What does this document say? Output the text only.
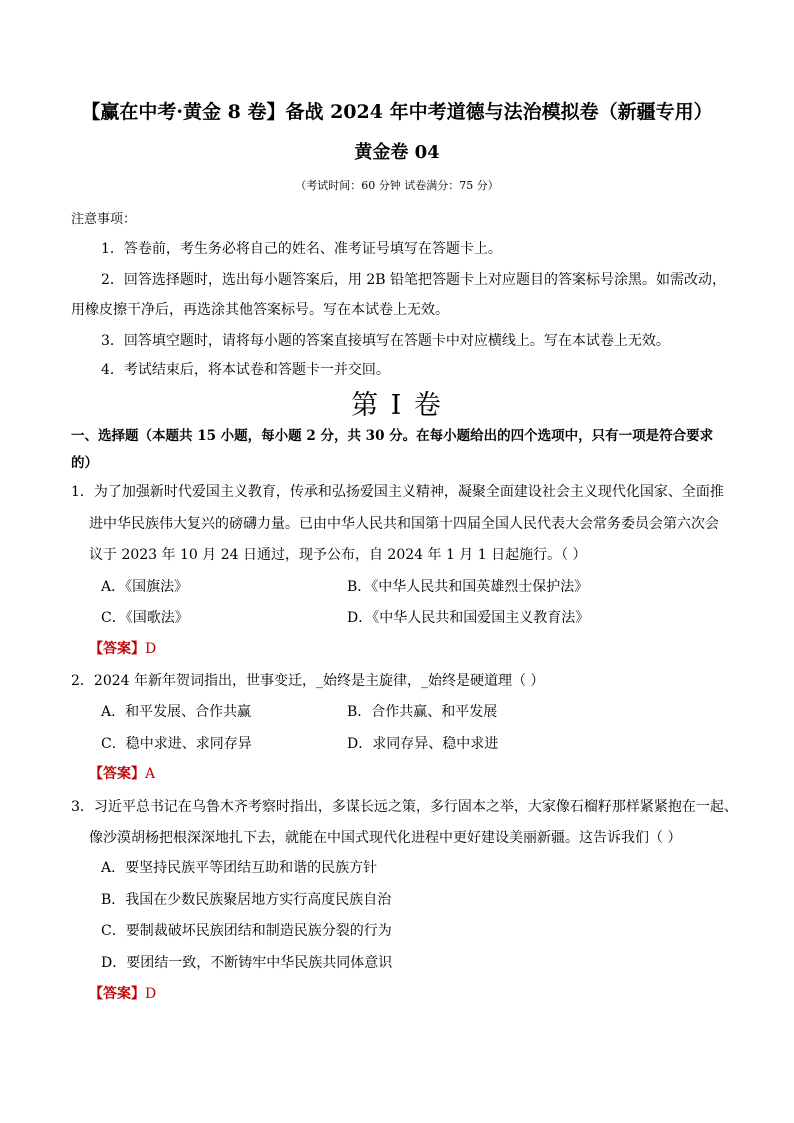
【赢在中考·黄金 8 卷】备战 2024 年中考道德与法治模拟卷（新疆专用）
黄金卷 04
（考试时间：60 分钟 试卷满分：75 分）
注意事项：
1．答卷前，考生务必将自己的姓名、准考证号填写在答题卡上。
2．回答选择题时，选出每小题答案后，用 2B 铅笔把答题卡上对应题目的答案标号涂黑。如需改动，
用橡皮擦干净后，再选涂其他答案标号。写在本试卷上无效。
3．回答填空题时，请将每小题的答案直接填写在答题卡中对应横线上。写在本试卷上无效。
4．考试结束后，将本试卷和答题卡一并交回。
第 I 卷
一、选择题（本题共 15 小题，每小题 2 分，共 30 分。在每小题给出的四个选项中，只有一项是符合要求
的）
1．为了加强新时代爱国主义教育，传承和弘扬爱国主义精神，凝聚全面建设社会主义现代化国家、全面推
进中华民族伟大复兴的磅礴力量。已由中华人民共和国第十四届全国人民代表大会常务委员会第六次会
议于 2023 年 10 月 24 日通过，现予公布，自 2024 年 1 月 1 日起施行。（ ）
A．《国旗法》	B．《中华人民共和国英雄烈士保护法》
C．《国歌法》	D．《中华人民共和国爱国主义教育法》
【答案】D
2．2024 年新年贺词指出，世事变迁，_始终是主旋律，_始终是硬道理（ ）
A．和平发展、合作共赢	B．合作共赢、和平发展
C．稳中求进、求同存异	D．求同存异、稳中求进
【答案】A
3．习近平总书记在乌鲁木齐考察时指出，多谋长远之策，多行固本之举，大家像石榴籽那样紧紧抱在一起、
像沙漠胡杨把根深深地扎下去，就能在中国式现代化进程中更好建设美丽新疆。这告诉我们（ ）
A．要坚持民族平等团结互助和谐的民族方针
B．我国在少数民族聚居地方实行高度民族自治
C．要制裁破坏民族团结和制造民族分裂的行为
D．要团结一致，不断铸牢中华民族共同体意识
【答案】D
